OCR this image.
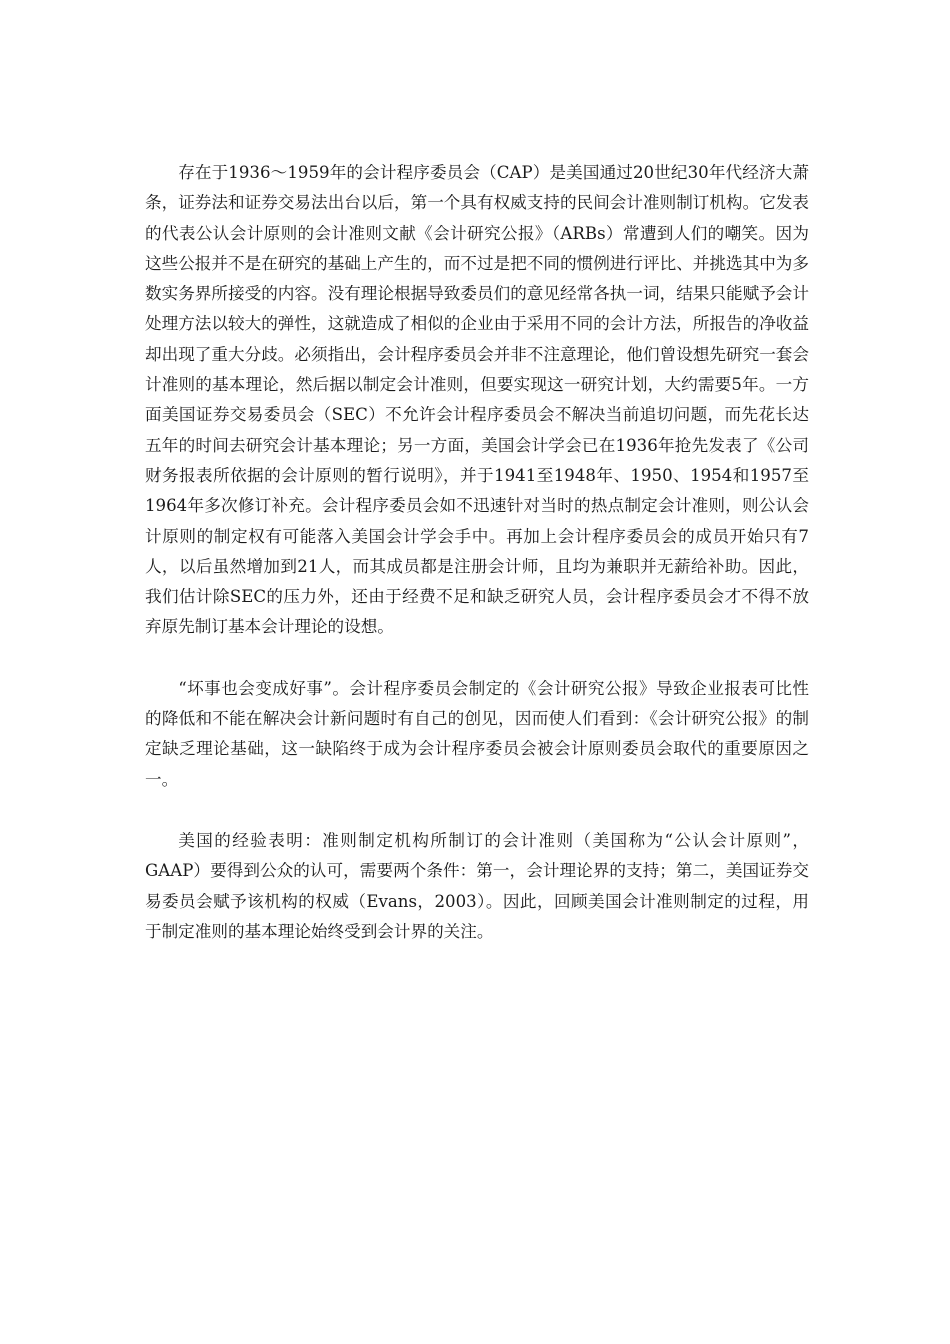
存在于1936～1959年的会计程序委员会（CAP）是美国通过20世纪30年代经济大萧条，证券法和证券交易法出台以后，第一个具有权威支持的民间会计准则制订机构。它发表的代表公认会计原则的会计准则文献《会计研究公报》（ARBs）常遭到人们的嘲笑。因为这些公报并不是在研究的基础上产生的，而不过是把不同的惯例进行评比、并挑选其中为多数实务界所接受的内容。没有理论根据导致委员们的意见经常各执一词，结果只能赋予会计处理方法以较大的弹性，这就造成了相似的企业由于采用不同的会计方法，所报告的净收益却出现了重大分歧。必须指出，会计程序委员会并非不注意理论，他们曾设想先研究一套会计准则的基本理论，然后据以制定会计准则，但要实现这一研究计划，大约需要5年。一方面美国证券交易委员会（SEC）不允许会计程序委员会不解决当前追切问题，而先花长达五年的时间去研究会计基本理论；另一方面，美国会计学会已在1936年抢先发表了《公司财务报表所依据的会计原则的暂行说明》，并于1941至1948年、1950、1954和1957至1964年多次修订补充。会计程序委员会如不迅速针对当时的热点制定会计准则，则公认会计原则的制定权有可能落入美国会计学会手中。再加上会计程序委员会的成员开始只有7人，以后虽然增加到21人，而其成员都是注册会计师，且均为兼职并无薪给补助。因此，我们估计除SEC的压力外，还由于经费不足和缺乏研究人员，会计程序委员会才不得不放弃原先制订基本会计理论的设想。

“坏事也会变成好事”。会计程序委员会制定的《会计研究公报》导致企业报表可比性的降低和不能在解决会计新问题时有自己的创见，因而使人们看到：《会计研究公报》的制定缺乏理论基础，这一缺陷终于成为会计程序委员会被会计原则委员会取代的重要原因之一。

美国的经验表明：准则制定机构所制订的会计准则（美国称为“公认会计原则”，GAAP）要得到公众的认可，需要两个条件：第一，会计理论界的支持；第二，美国证券交易委员会赋予该机构的权威（Evans，2003）。因此，回顾美国会计准则制定的过程，用于制定准则的基本理论始终受到会计界的关注。
